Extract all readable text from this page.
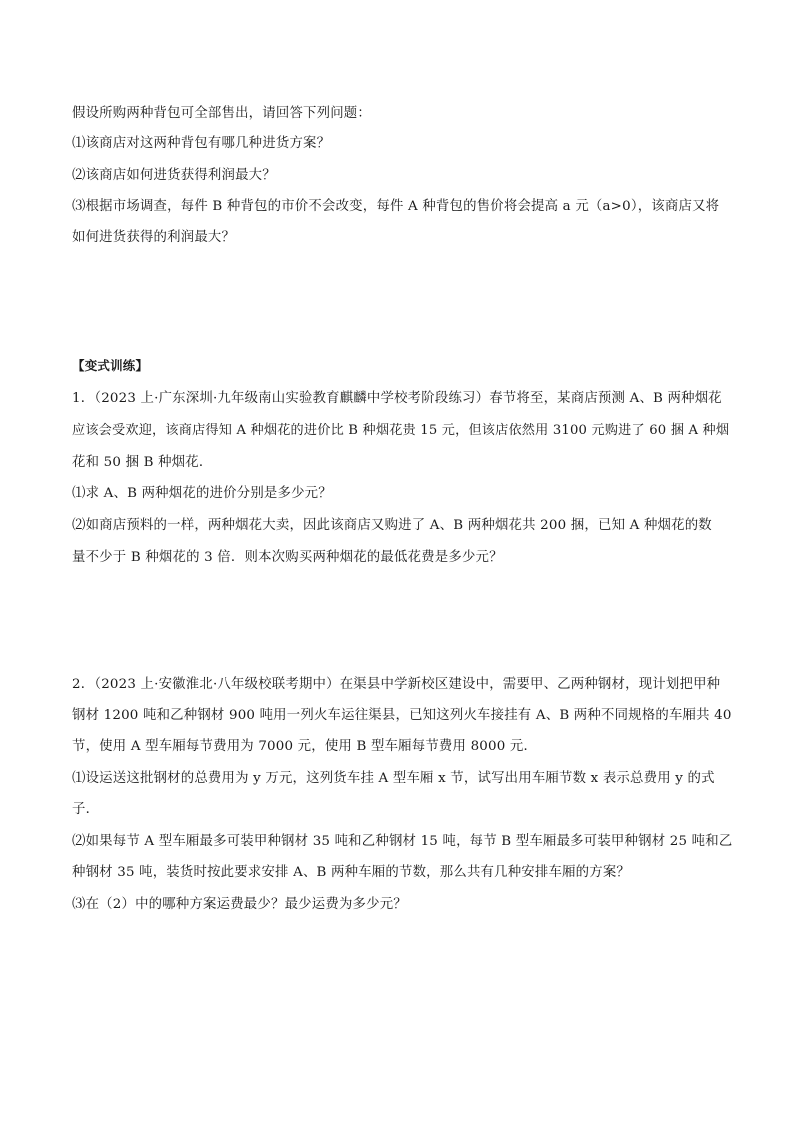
假设所购两种背包可全部售出，请回答下列问题：
⑴该商店对这两种背包有哪几种进货方案？
⑵该商店如何进货获得利润最大？
⑶根据市场调查，每件 B 种背包的市价不会改变，每件 A 种背包的售价将会提高 a 元（a>0），该商店又将
如何进货获得的利润最大？
【变式训练】
1．（2023 上·广东深圳·九年级南山实验教育麒麟中学校考阶段练习）春节将至，某商店预测 A、B 两种烟花
应该会受欢迎，该商店得知 A 种烟花的进价比 B 种烟花贵 15 元，但该店依然用 3100 元购进了 60 捆 A 种烟
花和 50 捆 B 种烟花．
⑴求 A、B 两种烟花的进价分别是多少元？
⑵如商店预料的一样，两种烟花大卖，因此该商店又购进了 A、B 两种烟花共 200 捆，已知 A 种烟花的数
量不少于 B 种烟花的 3 倍．则本次购买两种烟花的最低花费是多少元？
2．（2023 上·安徽淮北·八年级校联考期中）在渠县中学新校区建设中，需要甲、乙两种钢材，现计划把甲种
钢材 1200 吨和乙种钢材 900 吨用一列火车运往渠县，已知这列火车接挂有 A、B 两种不同规格的车厢共 40
节，使用 A 型车厢每节费用为 7000 元，使用 B 型车厢每节费用 8000 元．
⑴设运送这批钢材的总费用为 y 万元，这列货车挂 A 型车厢 x 节，试写出用车厢节数 x 表示总费用 y 的式
子．
⑵如果每节 A 型车厢最多可装甲种钢材 35 吨和乙种钢材 15 吨，每节 B 型车厢最多可装甲种钢材 25 吨和乙
种钢材 35 吨，装货时按此要求安排 A、B 两种车厢的节数，那么共有几种安排车厢的方案？
⑶在（2）中的哪种方案运费最少？最少运费为多少元？
